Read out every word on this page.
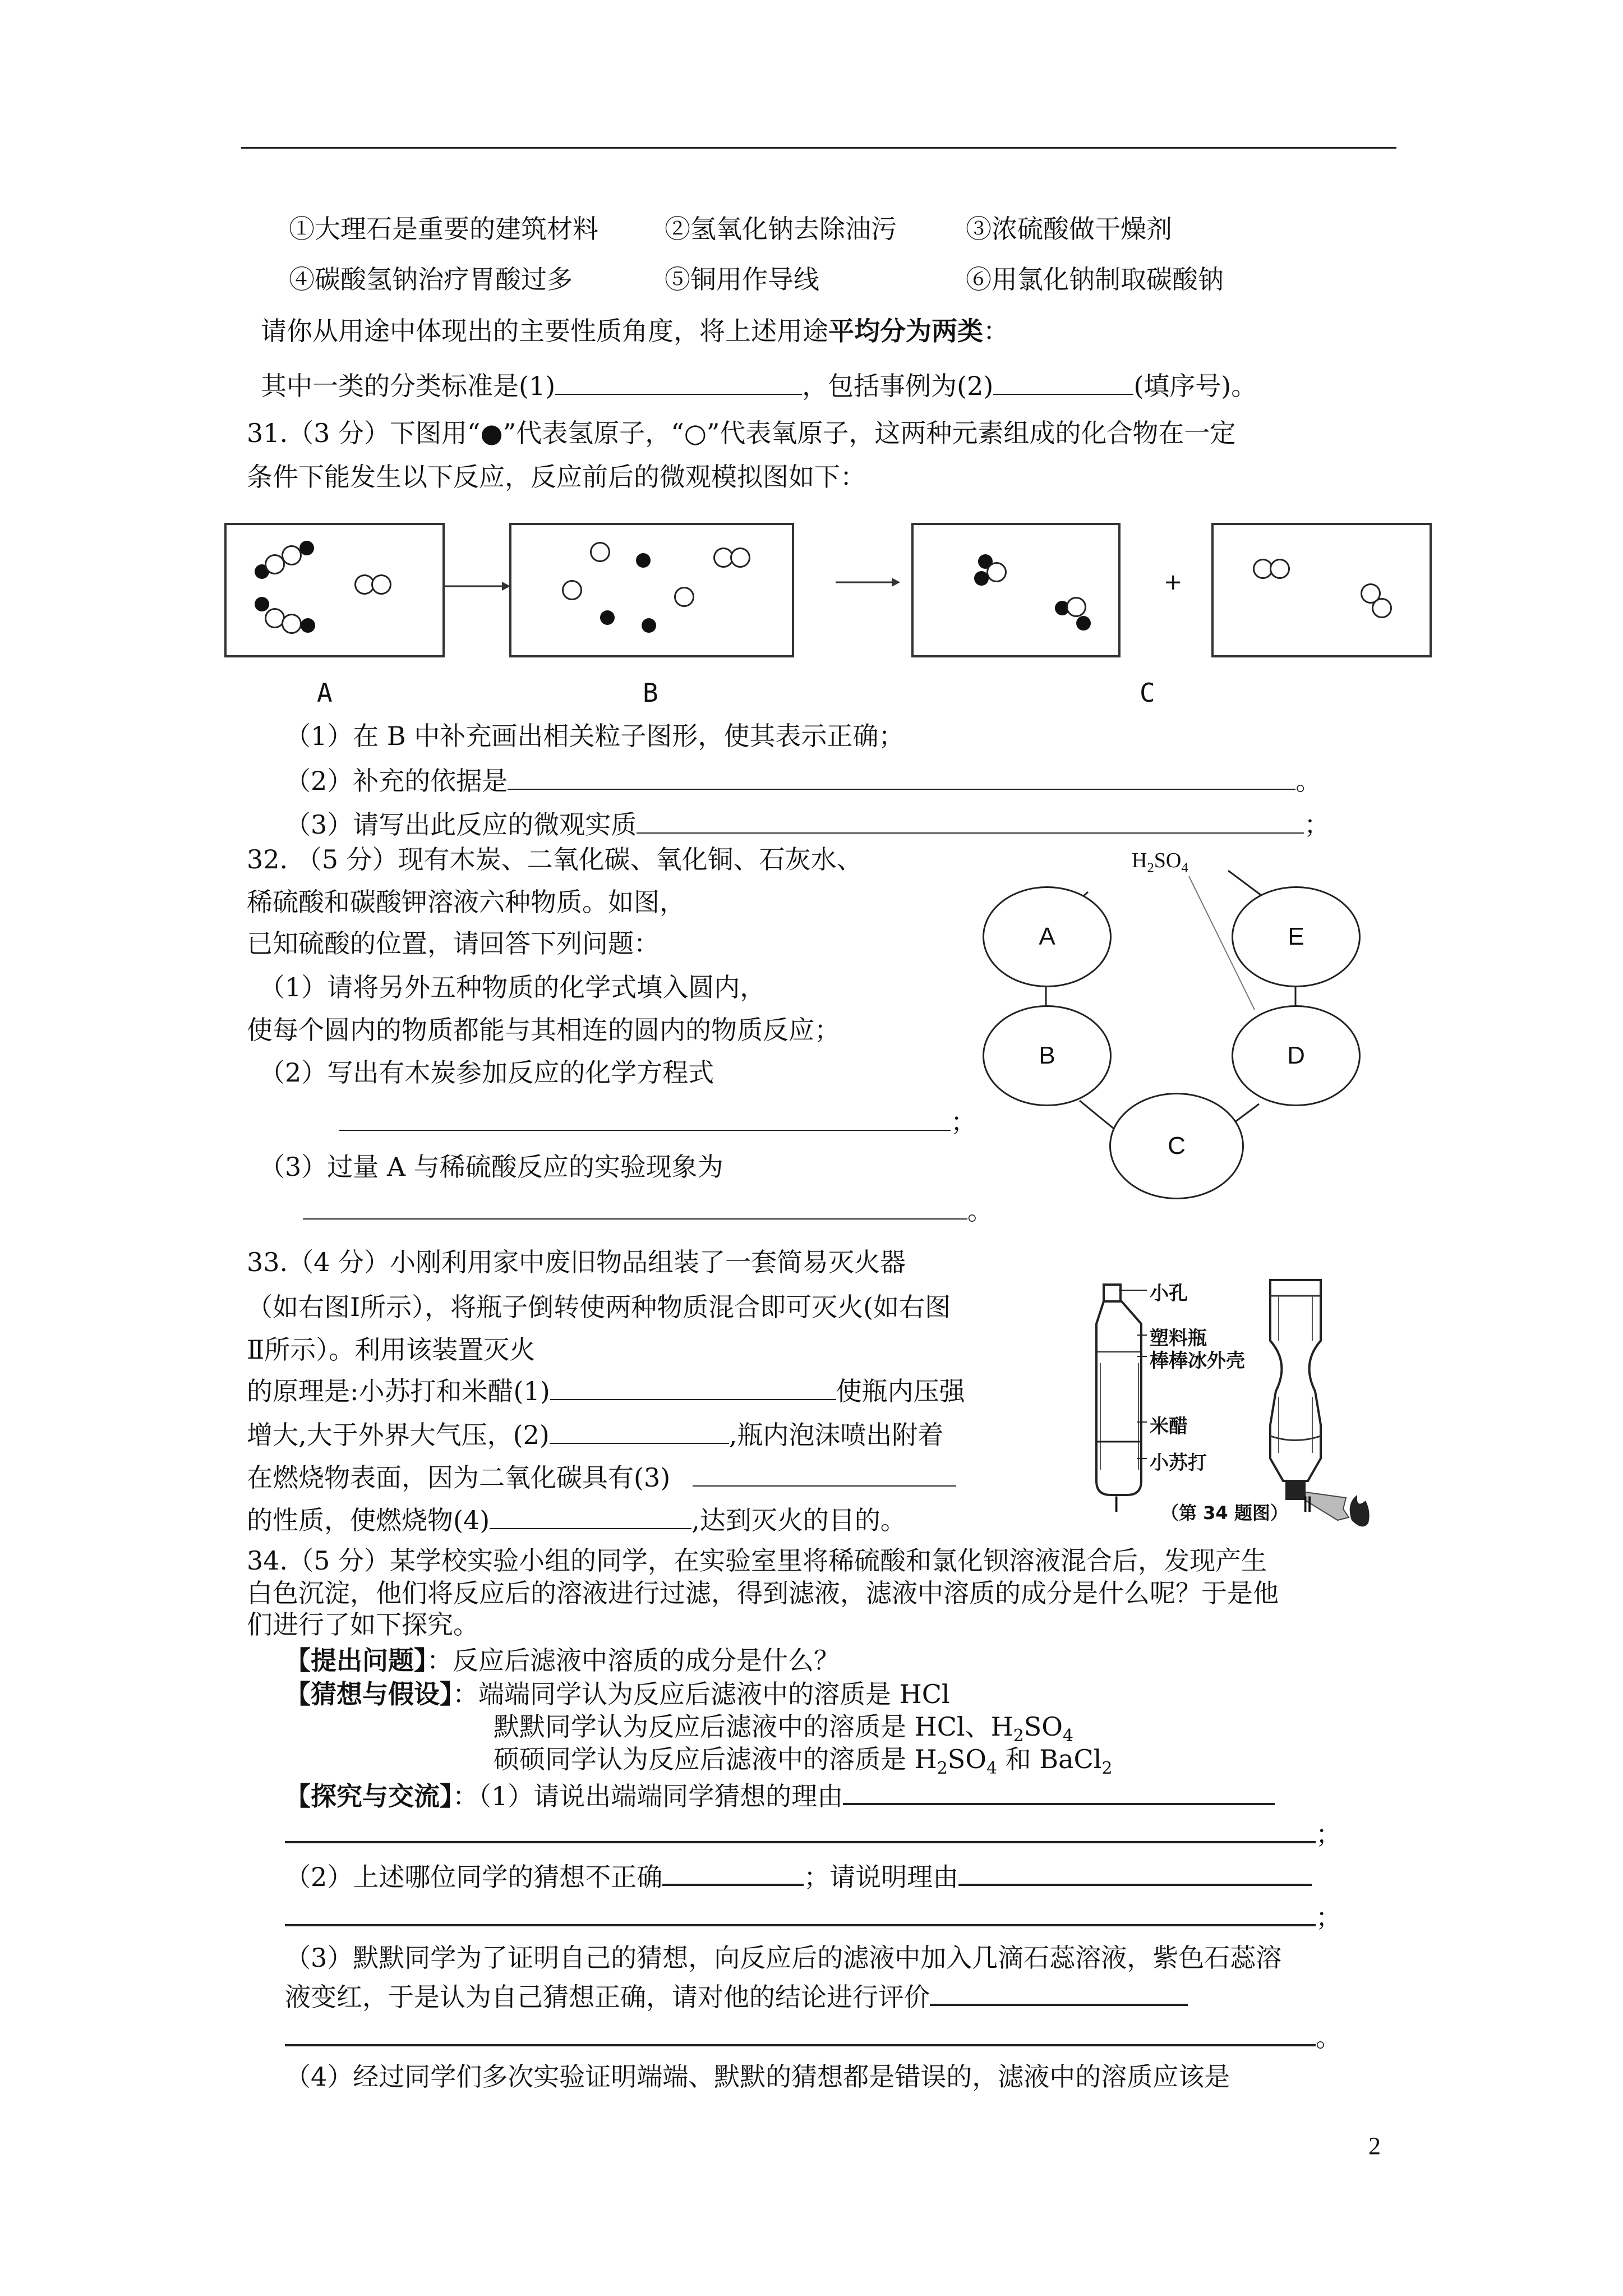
①大理石是重要的建筑材料	②氢氧化钠去除油污	③浓硫酸做干燥剂
④碳酸氢钠治疗胃酸过多	⑤铜用作导线	⑥用氯化钠制取碳酸钠
请你从用途中体现出的主要性质角度，将上述用途平均分为两类：
其中一类的分类标准是(1)	，包括事例为(2)	(填序号)。
31.（3 分）下图用“●”代表氢原子，“○”代表氧原子，这两种元素组成的化合物在一定
条件下能发生以下反应，反应前后的微观模拟图如下：
+
A	B	C
（1）在 B 中补充画出相关粒子图形，使其表示正确；
（2）补充的依据是	。
（3）请写出此反应的微观实质	；
32. （5 分）现有木炭、二氧化碳、氧化铜、石灰水、
稀硫酸和碳酸钾溶液六种物质。如图，
已知硫酸的位置，请回答下列问题：
（1）请将另外五种物质的化学式填入圆内，
使每个圆内的物质都能与其相连的圆内的物质反应；
（2）写出有木炭参加反应的化学方程式
；
（3）过量 A 与稀硫酸反应的实验现象为
。
$H_2SO_4$
A	E
B	D
C
33.（4 分）小刚利用家中废旧物品组装了一套简易灭火器
（如右图Ⅰ所示），将瓶子倒转使两种物质混合即可灭火(如右图
Ⅱ所示）。利用该装置灭火
的原理是:小苏打和米醋(1)	使瓶内压强
增大,大于外界大气压，(2)	,瓶内泡沫喷出附着
在燃烧物表面，因为二氧化碳具有(3)
的性质，使燃烧物(4)	,达到灭火的目的。
小孔
塑料瓶
棒棒冰外壳
米醋
小苏打
Ⅰ （第 34 题图） Ⅱ
34.（5 分）某学校实验小组的同学，在实验室里将稀硫酸和氯化钡溶液混合后，发现产生
白色沉淀，他们将反应后的溶液进行过滤，得到滤液，滤液中溶质的成分是什么呢？于是他
们进行了如下探究。
【提出问题】：反应后滤液中溶质的成分是什么？
【猜想与假设】：端端同学认为反应后滤液中的溶质是 HCl
默默同学认为反应后滤液中的溶质是 HCl、$H_2SO_4$
硕硕同学认为反应后滤液中的溶质是 $H_2SO_4$ 和 BaCl$_2$
【探究与交流】：（1）请说出端端同学猜想的理由
；
（2）上述哪位同学的猜想不正确	；请说明理由
；
（3）默默同学为了证明自己的猜想，向反应后的滤液中加入几滴石蕊溶液，紫色石蕊溶
液变红，于是认为自己猜想正确，请对他的结论进行评价
。
（4）经过同学们多次实验证明端端、默默的猜想都是错误的，滤液中的溶质应该是
2
